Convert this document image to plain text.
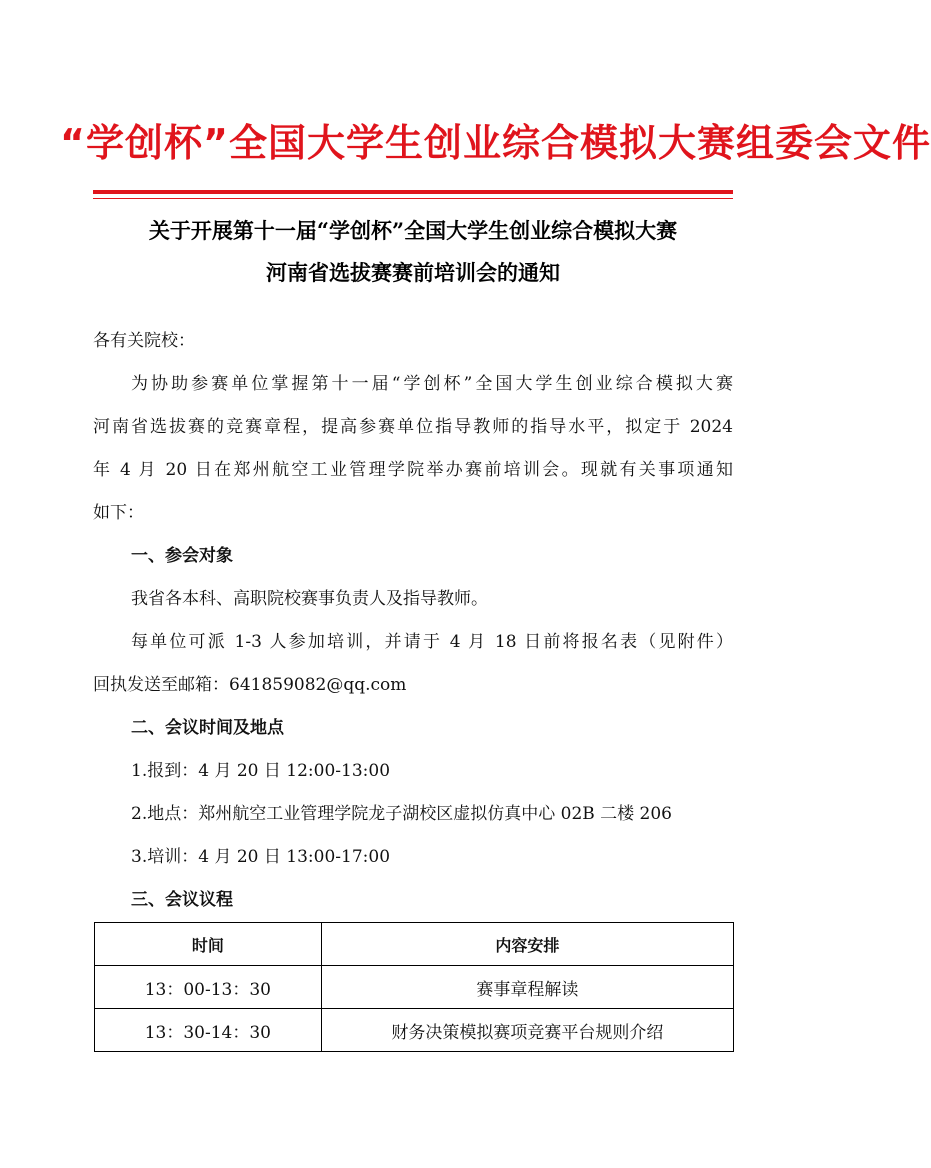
“学创杯”全国大学生创业综合模拟大赛组委会文件
关于开展第十一届“学创杯”全国大学生创业综合模拟大赛
河南省选拔赛赛前培训会的通知
各有关院校：
为协助参赛单位掌握第十一届“学创杯”全国大学生创业综合模拟大赛
河南省选拔赛的竞赛章程，提高参赛单位指导教师的指导水平，拟定于 2024
年 4 月 20 日在郑州航空工业管理学院举办赛前培训会。现就有关事项通知
如下：
一、参会对象
我省各本科、高职院校赛事负责人及指导教师。
每单位可派 1-3 人参加培训，并请于 4 月 18 日前将报名表（见附件）
回执发送至邮箱：641859082@qq.com
二、会议时间及地点
1.报到：4 月 20 日 12:00-13:00
2.地点：郑州航空工业管理学院龙子湖校区虚拟仿真中心 02B 二楼 206
3.培训：4 月 20 日 13:00-17:00
三、会议议程
时间	内容安排
13：00-13：30	赛事章程解读
13：30-14：30	财务决策模拟赛项竞赛平台规则介绍
